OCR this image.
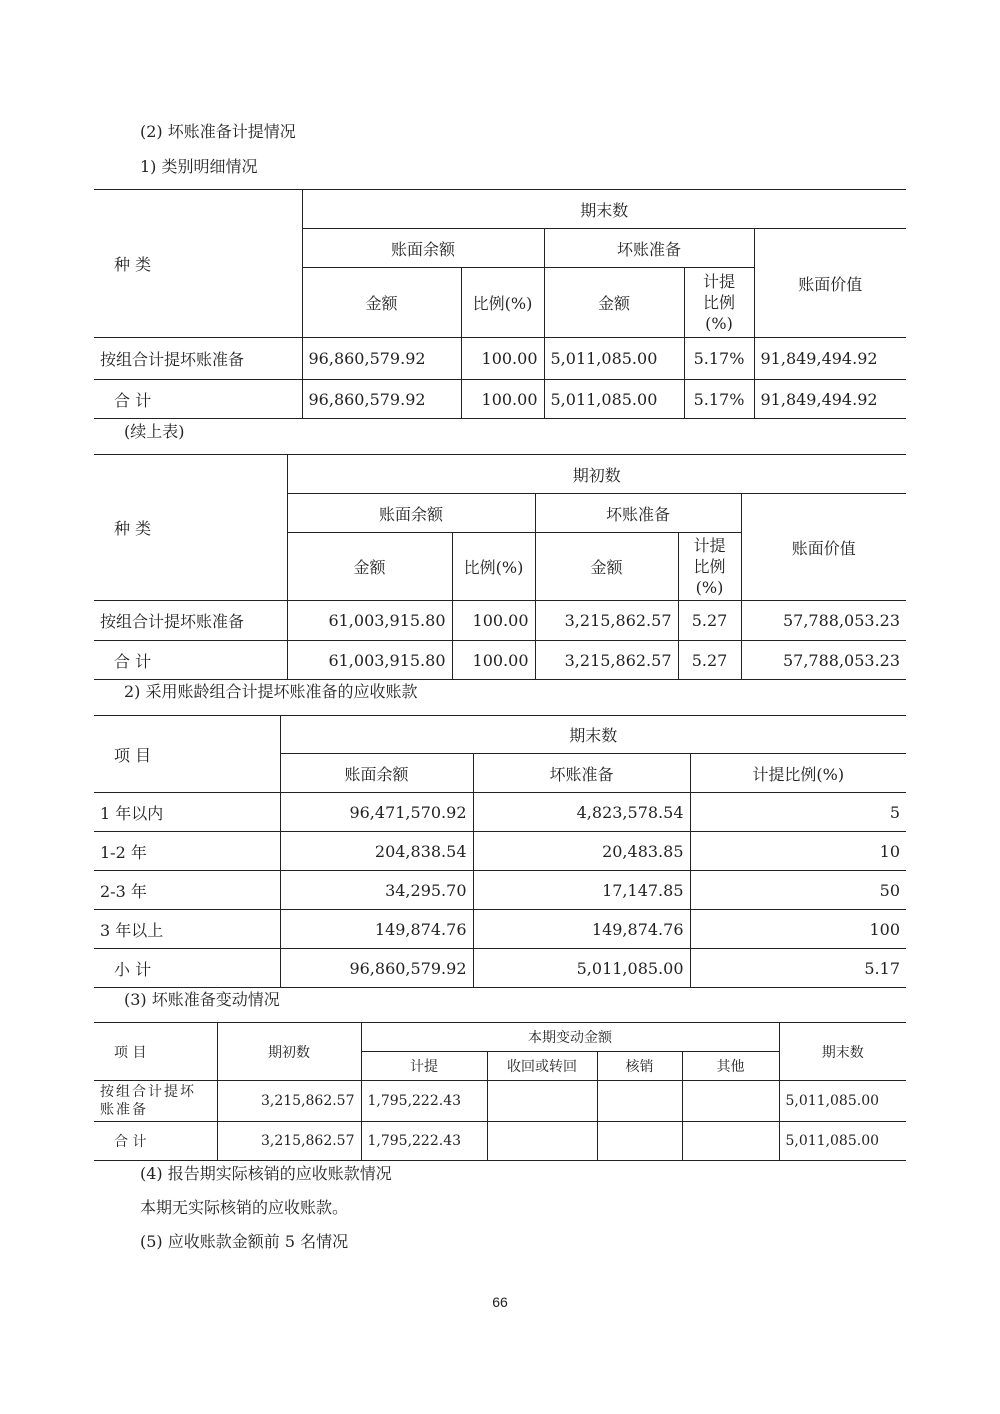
(2) 坏账准备计提情况
1) 类别明细情况
种 类	期末数				
	账面余额		坏账准备		账面价值
	金额	比例(%)	金额	计提比例(%)	
按组合计提坏账准备	96,860,579.92	100.00	5,011,085.00	5.17%	91,849,494.92
合 计	96,860,579.92	100.00	5,011,085.00	5.17%	91,849,494.92
(续上表)
种 类	期初数				
	账面余额		坏账准备		账面价值
	金额	比例(%)	金额	计提比例(%)	
按组合计提坏账准备	61,003,915.80	100.00	3,215,862.57	5.27	57,788,053.23
合 计	61,003,915.80	100.00	3,215,862.57	5.27	57,788,053.23
2) 采用账龄组合计提坏账准备的应收账款
项 目	期末数		
	账面余额	坏账准备	计提比例(%)
1 年以内	96,471,570.92	4,823,578.54	5
1-2 年	204,838.54	20,483.85	10
2-3 年	34,295.70	17,147.85	50
3 年以上	149,874.76	149,874.76	100
小 计	96,860,579.92	5,011,085.00	5.17
(3) 坏账准备变动情况
项 目	期初数	本期变动金额				期末数
		计提	收回或转回	核销	其他	
按组合计提坏账准备	3,215,862.57	1,795,222.43				5,011,085.00
合 计	3,215,862.57	1,795,222.43				5,011,085.00
(4) 报告期实际核销的应收账款情况
本期无实际核销的应收账款。
(5) 应收账款金额前 5 名情况
66
